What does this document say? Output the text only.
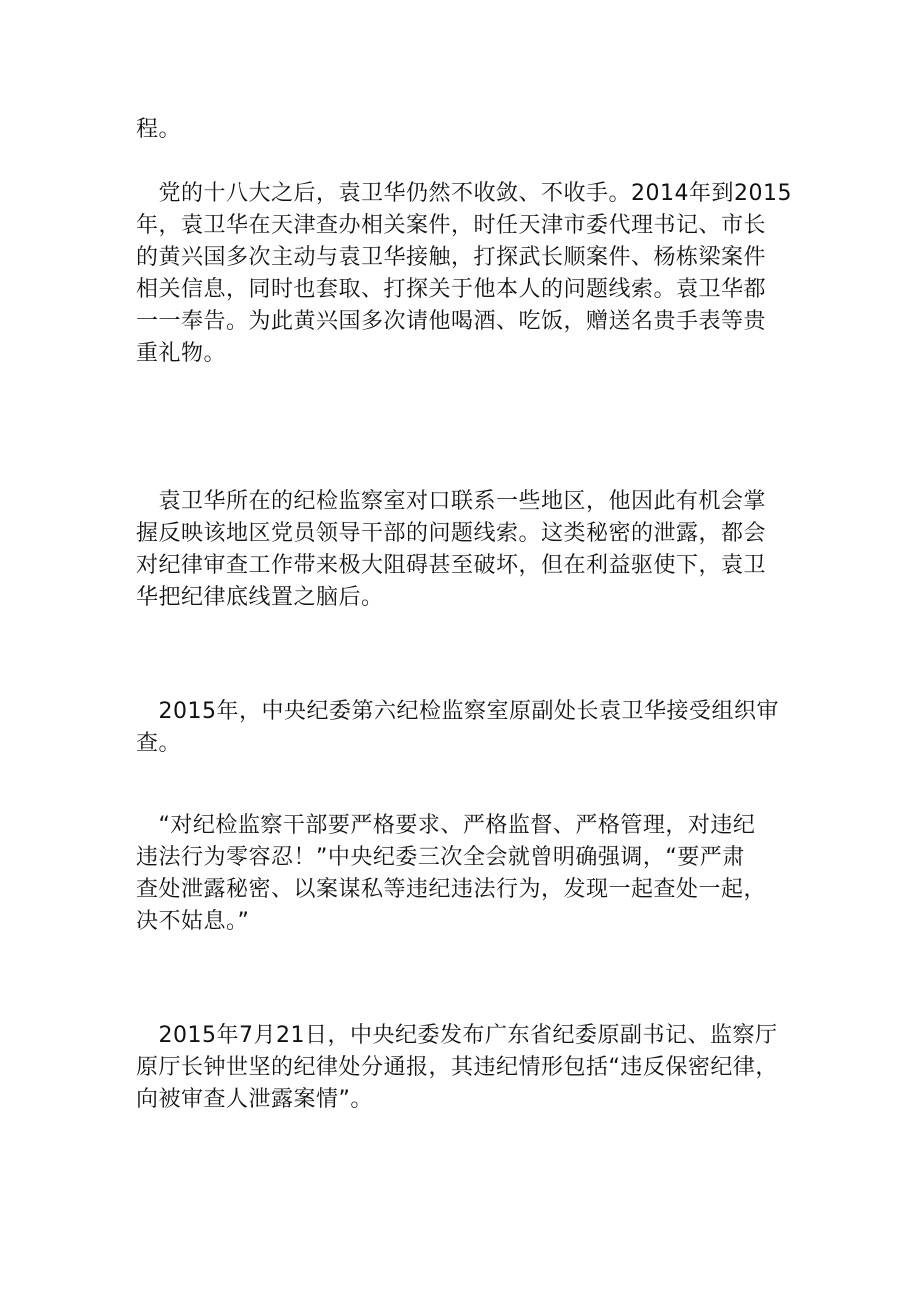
程。
　党的十八大之后，袁卫华仍然不收敛、不收手。2014年到2015
年，袁卫华在天津查办相关案件，时任天津市委代理书记、市长
的黄兴国多次主动与袁卫华接触，打探武长顺案件、杨栋梁案件
相关信息，同时也套取、打探关于他本人的问题线索。袁卫华都
一一奉告。为此黄兴国多次请他喝酒、吃饭，赠送名贵手表等贵
重礼物。
　袁卫华所在的纪检监察室对口联系一些地区，他因此有机会掌
握反映该地区党员领导干部的问题线索。这类秘密的泄露，都会
对纪律审查工作带来极大阻碍甚至破坏，但在利益驱使下，袁卫
华把纪律底线置之脑后。
　2015年，中央纪委第六纪检监察室原副处长袁卫华接受组织审
查。
　“对纪检监察干部要严格要求、严格监督、严格管理，对违纪
违法行为零容忍！”中央纪委三次全会就曾明确强调，“要严肃
查处泄露秘密、以案谋私等违纪违法行为，发现一起查处一起，
决不姑息。”
　2015年7月21日，中央纪委发布广东省纪委原副书记、监察厅
原厅长钟世坚的纪律处分通报，其违纪情形包括“违反保密纪律，
向被审查人泄露案情”。
